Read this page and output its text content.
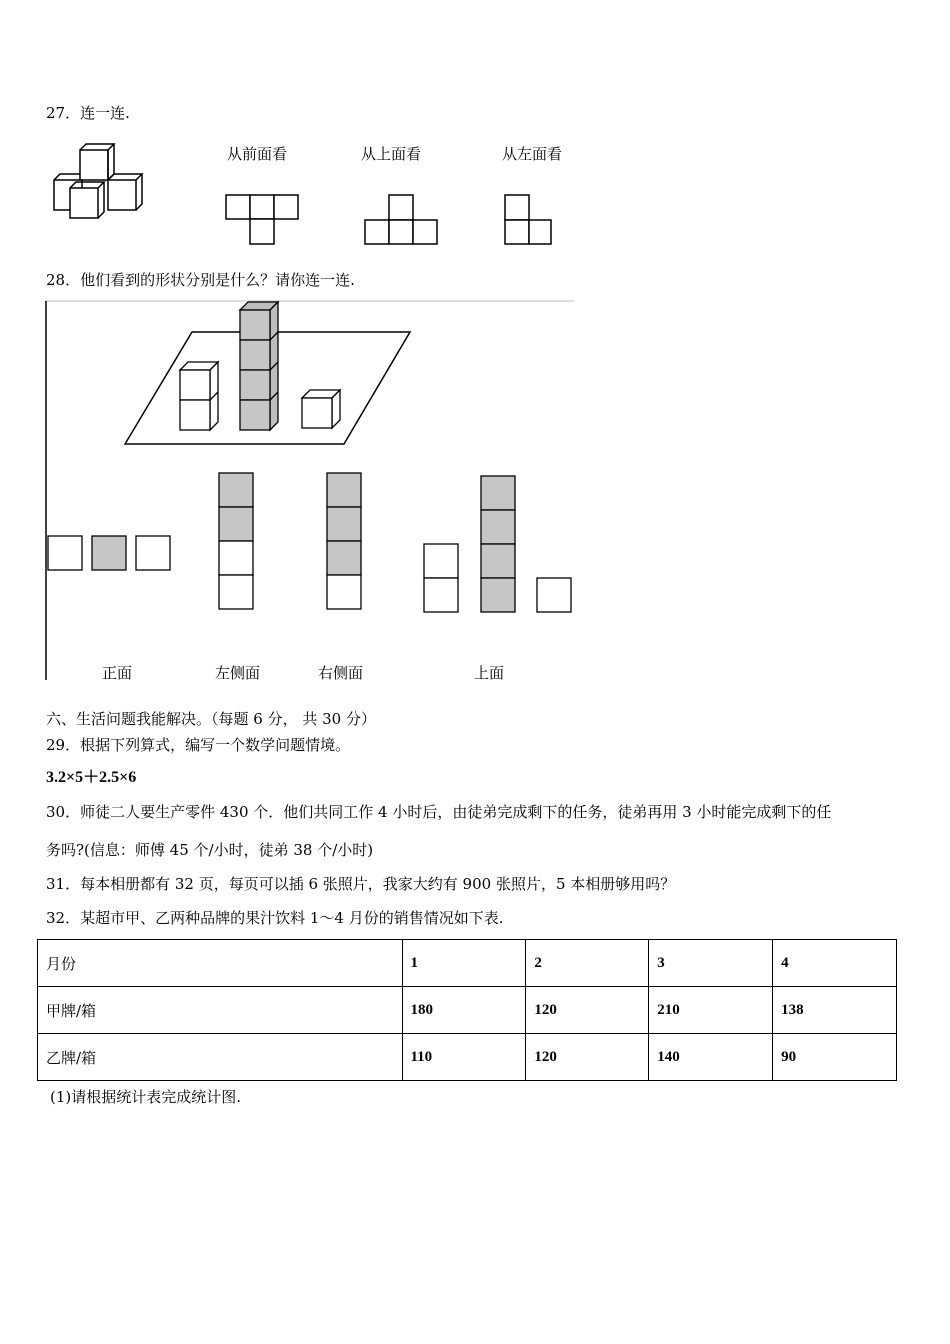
27．连一连.
从前面看	从上面看	从左面看
28．他们看到的形状分别是什么？请你连一连.
正面	左侧面	右侧面	上面
六、生活问题我能解决。（每题 6 分， 共 30 分）
29．根据下列算式，编写一个数学问题情境。
3.2×5＋2.5×6
30．师徒二人要生产零件 430 个．他们共同工作 4 小时后，由徒弟完成剩下的任务，徒弟再用 3 小时能完成剩下的任
务吗?(信息：师傅 45 个/小时，徒弟 38 个/小时)
31．每本相册都有 32 页，每页可以插 6 张照片，我家大约有 900 张照片，5 本相册够用吗？
32．某超市甲、乙两种品牌的果汁饮料 1～4 月份的销售情况如下表.
月份	1	2	3	4
甲牌/箱	180	120	210	138
乙牌/箱	110	120	140	90
(1)请根据统计表完成统计图.
